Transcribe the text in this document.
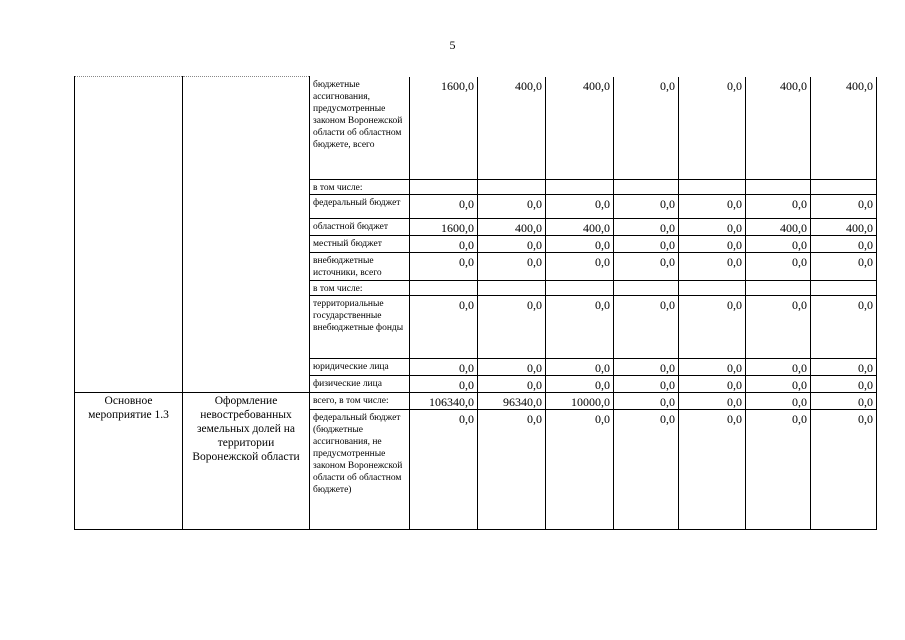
5
		бюджетные ассигнования, предусмотренные законом Воронежской области об областном бюджете, всего	1600,0	400,0	400,0	0,0	0,0	400,0	400,0
		в том числе:							
		федеральный бюджет	0,0	0,0	0,0	0,0	0,0	0,0	0,0
		областной бюджет	1600,0	400,0	400,0	0,0	0,0	400,0	400,0
		местный бюджет	0,0	0,0	0,0	0,0	0,0	0,0	0,0
		внебюджетные источники, всего	0,0	0,0	0,0	0,0	0,0	0,0	0,0
		в том числе:							
		территориальные государственные внебюджетные фонды	0,0	0,0	0,0	0,0	0,0	0,0	0,0
		юридические лица	0,0	0,0	0,0	0,0	0,0	0,0	0,0
		физические лица	0,0	0,0	0,0	0,0	0,0	0,0	0,0
Основное мероприятие 1.3	Оформление невостребованных земельных долей на территории Воронежской области	всего, в том числе:	106340,0	96340,0	10000,0	0,0	0,0	0,0	0,0
		федеральный бюджет (бюджетные ассигнования, не предусмотренные законом Воронежской области об областном бюджете)	0,0	0,0	0,0	0,0	0,0	0,0	0,0
